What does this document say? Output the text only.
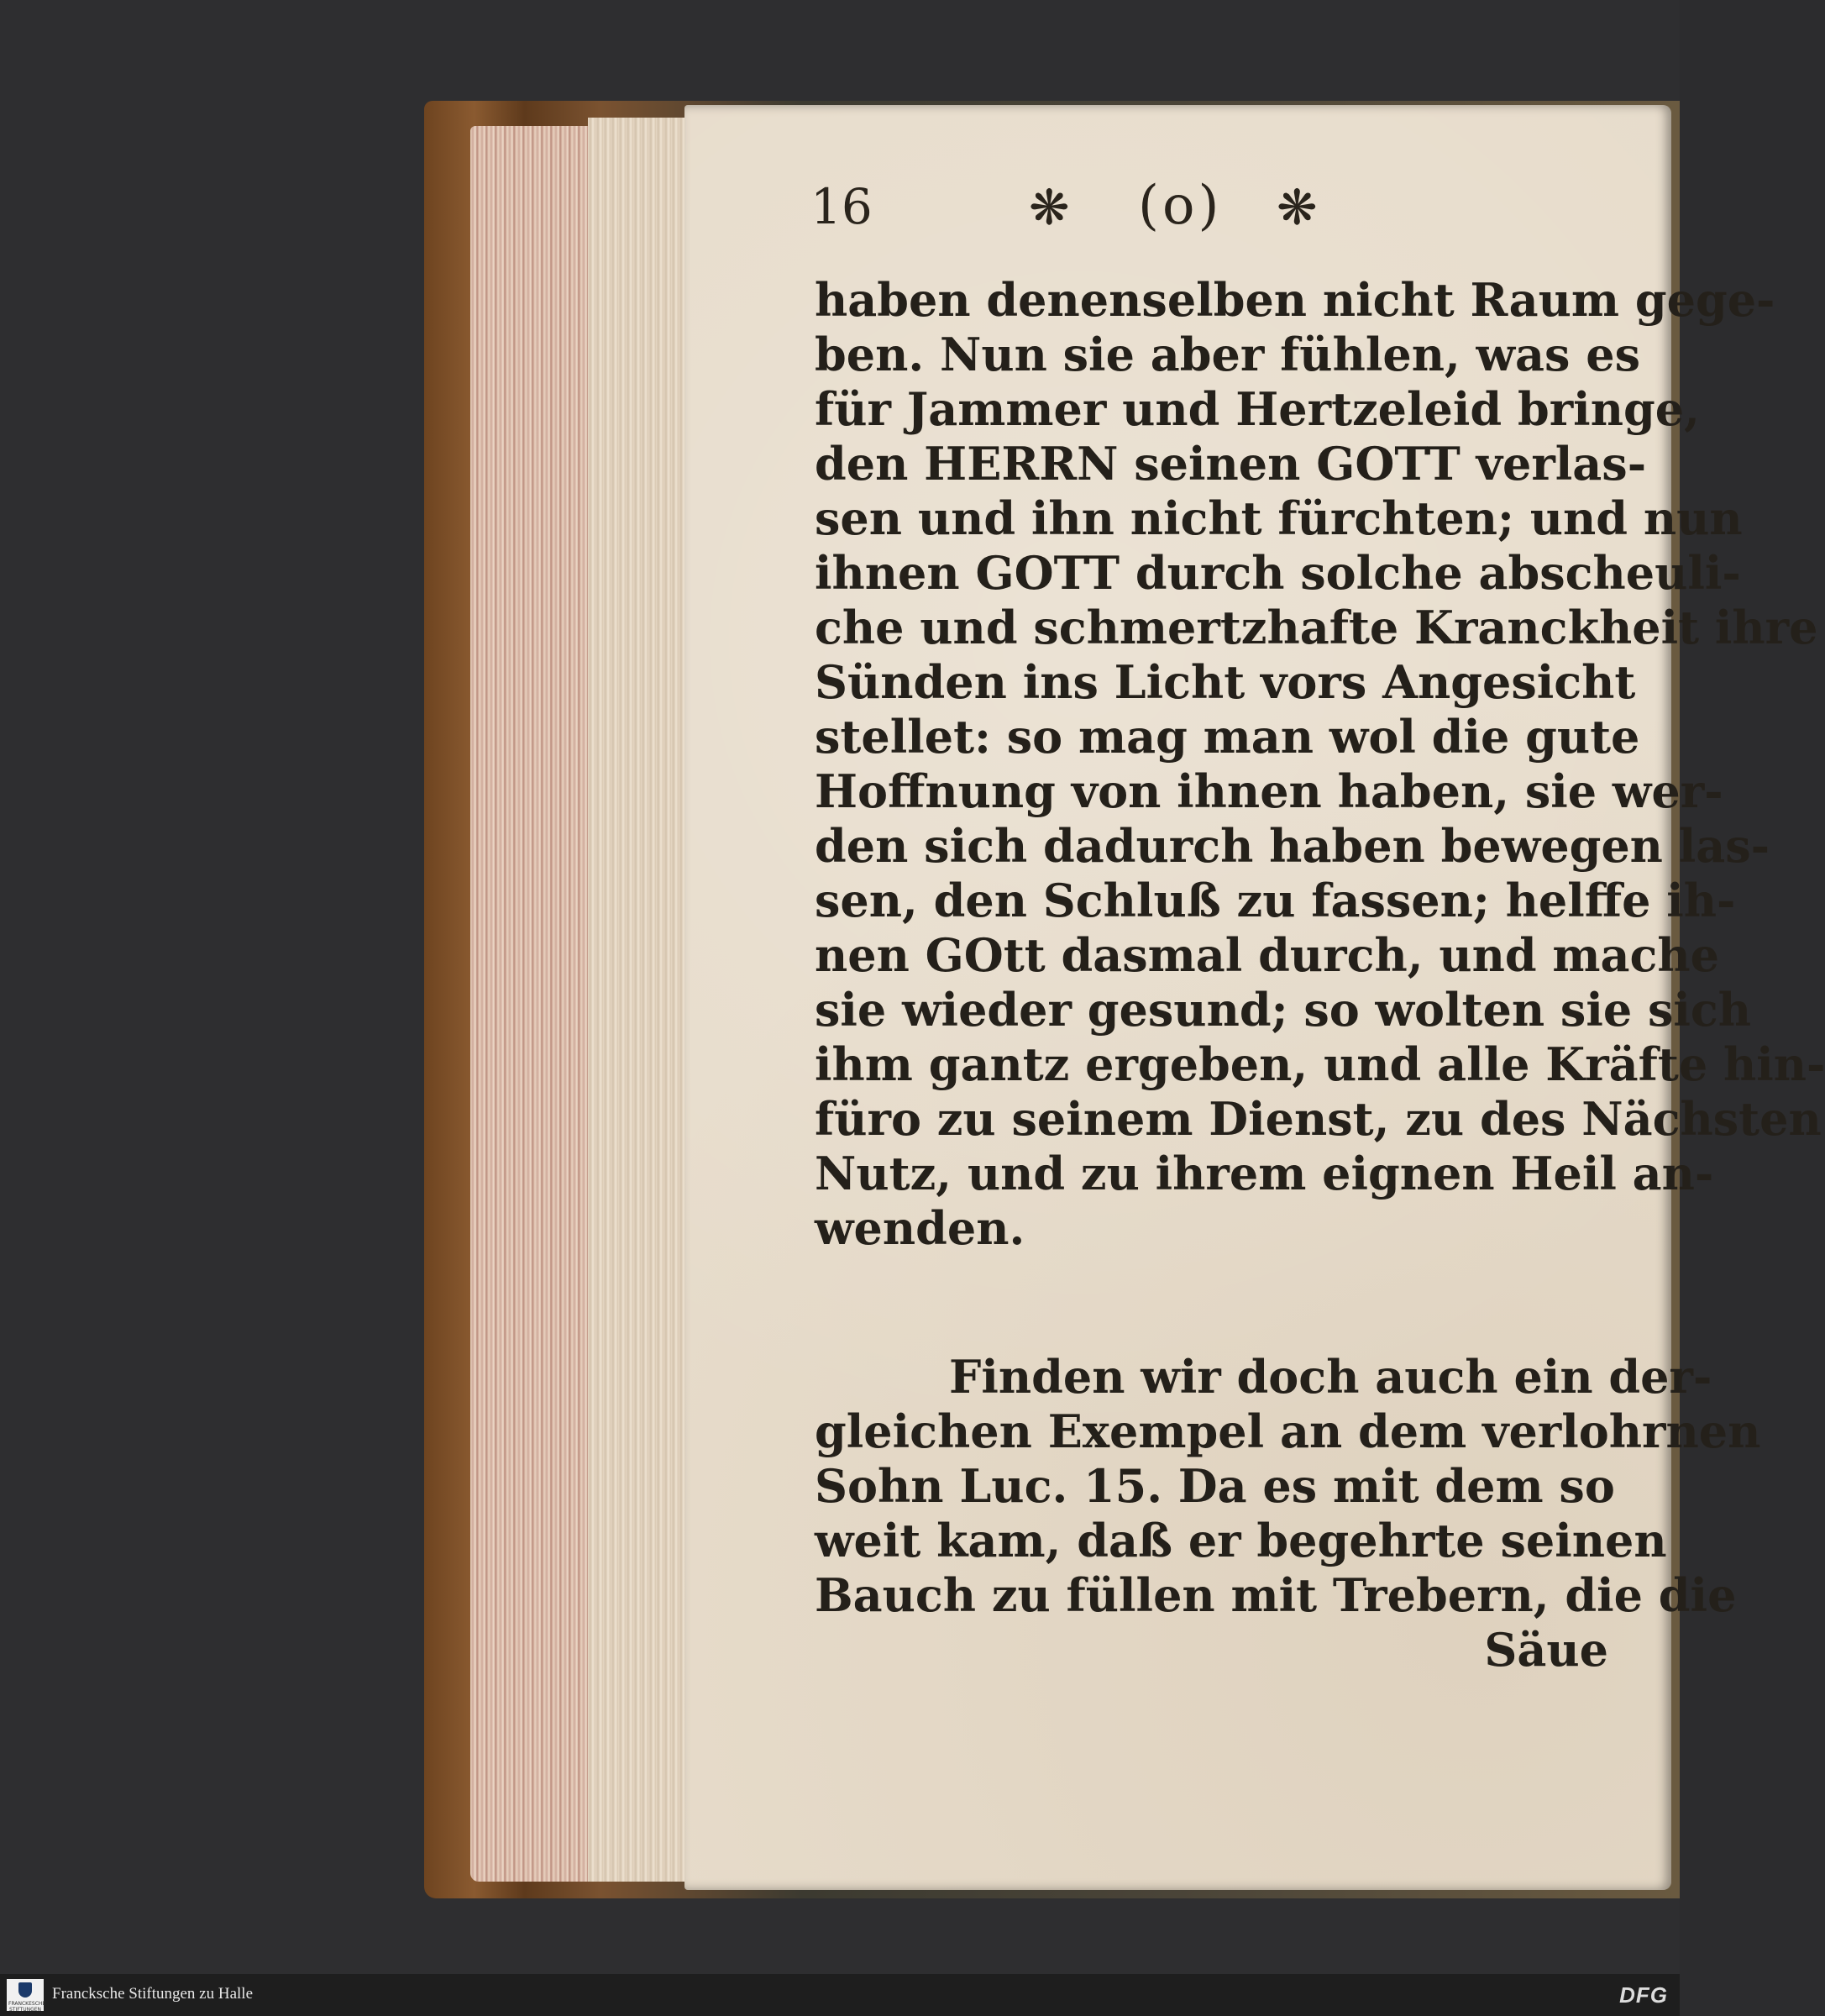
16	❋ (o) ❋
haben denenselben nicht Raum gege-
ben. Nun sie aber fühlen, was es
für Jammer und Hertzeleid bringe,
den HERRN seinen GOTT verlas-
sen und ihn nicht fürchten; und nun
ihnen GOTT durch solche abscheuli-
che und schmertzhafte Kranckheit ihre
Sünden ins Licht vors Angesicht
stellet: so mag man wol die gute
Hoffnung von ihnen haben, sie wer-
den sich dadurch haben bewegen las-
sen, den Schluß zu fassen; helffe ih-
nen GOtt dasmal durch, und mache
sie wieder gesund; so wolten sie sich
ihm gantz ergeben, und alle Kräfte hin-
füro zu seinem Dienst, zu des Nächsten
Nutz, und zu ihrem eignen Heil an-
wenden.
Finden wir doch auch ein der-
gleichen Exempel an dem verlohrnen
Sohn Luc. 15. Da es mit dem so
weit kam, daß er begehrte seinen
Bauch zu füllen mit Trebern, die die
Säue
FRANCKESCHE STIFTUNGEN
Francksche Stiftungen zu Halle	DFG
